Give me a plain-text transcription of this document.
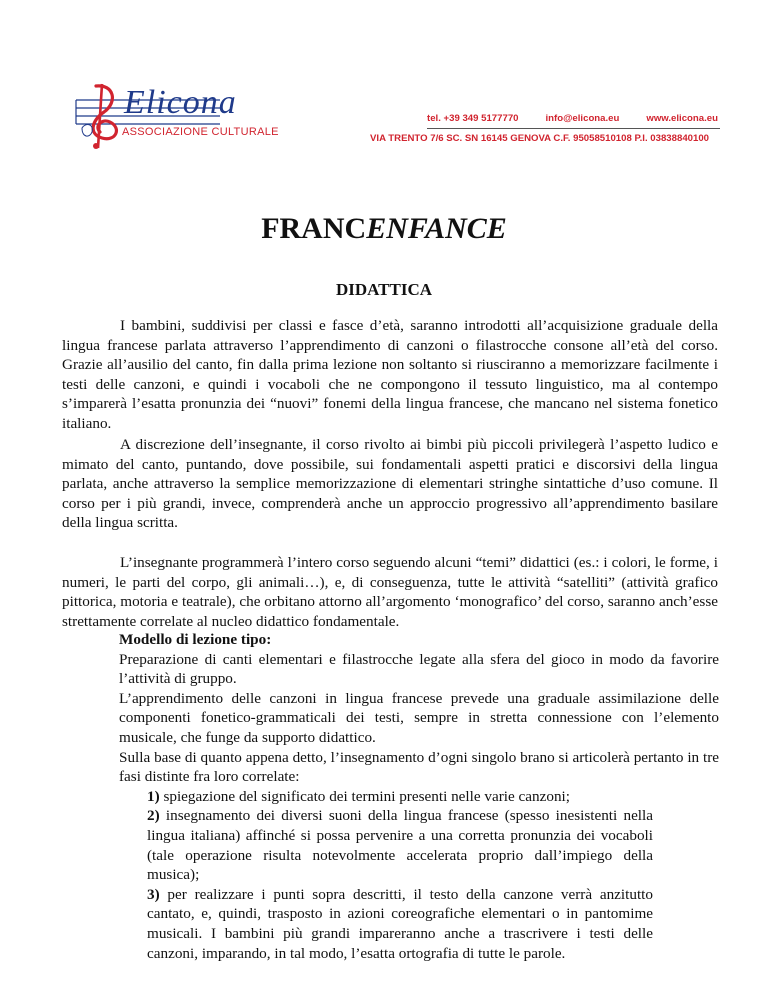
Elicona
ASSOCIAZIONE CULTURALE
tel. +39 349 5177770	info@elicona.eu	www.elicona.eu
VIA TRENTO 7/6 SC. SN 16145 GENOVA C.F. 95058510108 P.I. 03838840100
FRANCENFANCE
DIDATTICA

I bambini, suddivisi per classi e fasce d’età, saranno introdotti all’acquisizione graduale della lingua francese parlata attraverso l’apprendimento di canzoni o filastrocche consone all’età del corso. Grazie all’ausilio del canto, fin dalla prima lezione non soltanto si riusciranno a memorizzare facilmente i testi delle canzoni, e quindi i vocaboli che ne compongono il tessuto linguistico, ma al contempo s’imparerà l’esatta pronunzia dei “nuovi” fonemi della lingua francese, che mancano nel sistema fonetico italiano.

A discrezione dell’insegnante, il corso rivolto ai bimbi più piccoli privilegerà l’aspetto ludico e mimato del canto, puntando, dove possibile, sui fondamentali aspetti pratici e discorsivi della lingua parlata, anche attraverso la semplice memorizzazione di elementari stringhe sintattiche d’uso comune. Il corso per i più grandi, invece, comprenderà anche un approccio progressivo all’apprendimento basilare della lingua scritta.

L’insegnante programmerà l’intero corso seguendo alcuni “temi” didattici (es.: i colori, le forme, i numeri, le parti del corpo, gli animali…), e, di conseguenza, tutte le attività “satelliti” (attività grafico pittorica, motoria e teatrale), che orbitano attorno all’argomento ‘monografico’ del corso, saranno anch’esse strettamente correlate al nucleo didattico fondamentale.

Modello di lezione tipo:

Preparazione di canti elementari e filastrocche legate alla sfera del gioco in modo da favorire l’attività di gruppo.

L’apprendimento delle canzoni in lingua francese prevede una graduale assimilazione delle componenti fonetico-grammaticali dei testi, sempre in stretta connessione con l’elemento musicale, che funge da supporto didattico.

Sulla base di quanto appena detto, l’insegnamento d’ogni singolo brano si articolerà pertanto in tre fasi distinte fra loro correlate:

1) spiegazione del significato dei termini presenti nelle varie canzoni;

2) insegnamento dei diversi suoni della lingua francese (spesso inesistenti nella lingua italiana) affinché si possa pervenire a una corretta pronunzia dei vocaboli (tale operazione risulta notevolmente accelerata proprio dall’impiego della musica);

3) per realizzare i punti sopra descritti, il testo della canzone verrà anzitutto cantato, e, quindi, trasposto in azioni coreografiche elementari o in pantomime musicali. I bambini più grandi impareranno anche a trascrivere i testi delle canzoni, imparando, in tal modo, l’esatta ortografia di tutte le parole.
